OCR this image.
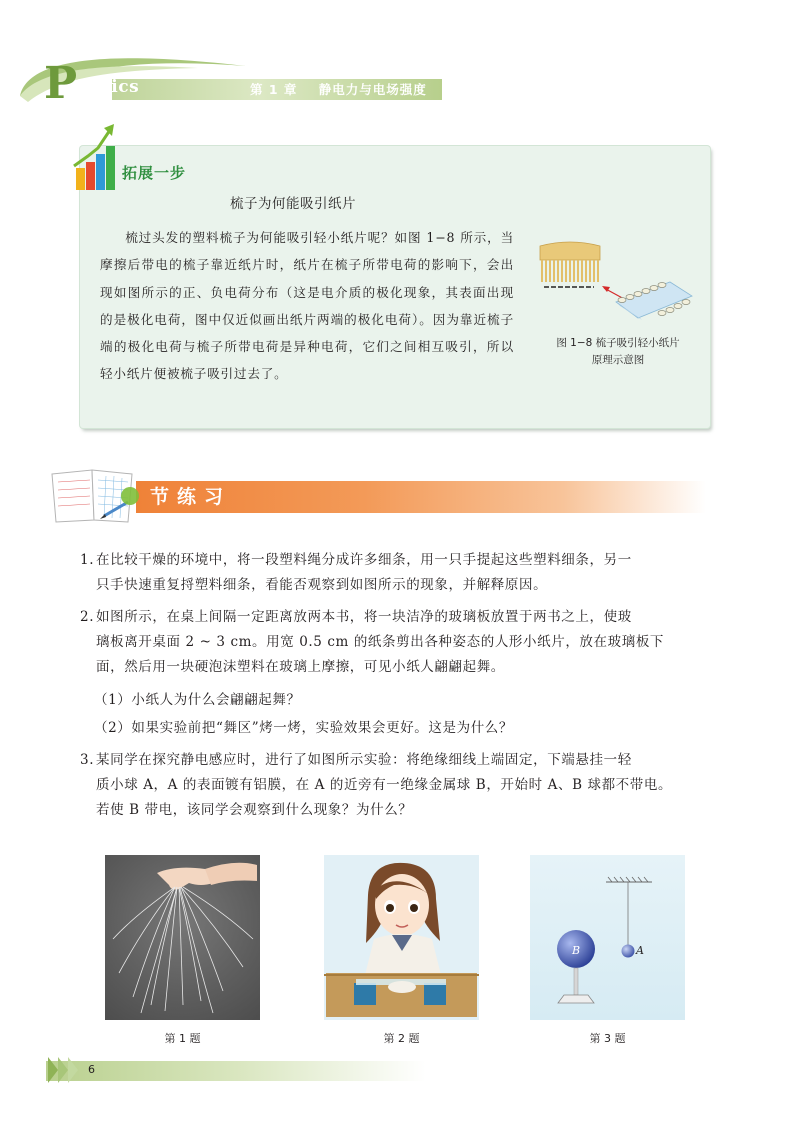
P hysics	第 1 章    静电力与电场强度
拓展一步
梳子为何能吸引纸片
梳过头发的塑料梳子为何能吸引轻小纸片呢？如图 1−8 所示，当摩擦后带电的梳子靠近纸片时，纸片在梳子所带电荷的影响下，会出现如图所示的正、负电荷分布（这是电介质的极化现象，其表面出现的是极化电荷，图中仅近似画出纸片两端的极化电荷）。因为靠近梳子端的极化电荷与梳子所带电荷是异种电荷，它们之间相互吸引，所以轻小纸片便被梳子吸引过去了。
图 1−8 梳子吸引轻小纸片
原理示意图
节练习
1. 在比较干燥的环境中，将一段塑料绳分成许多细条，用一只手提起这些塑料细条，另一
只手快速重复捋塑料细条，看能否观察到如图所示的现象，并解释原因。
2. 如图所示，在桌上间隔一定距离放两本书，将一块洁净的玻璃板放置于两书之上，使玻
璃板离开桌面 2 ~ 3 cm。用宽 0.5 cm 的纸条剪出各种姿态的人形小纸片，放在玻璃板下
面，然后用一块硬泡沫塑料在玻璃上摩擦，可见小纸人翩翩起舞。
（1）小纸人为什么会翩翩起舞？
（2）如果实验前把“舞区”烤一烤，实验效果会更好。这是为什么？
3. 某同学在探究静电感应时，进行了如图所示实验：将绝缘细线上端固定，下端悬挂一轻
质小球 A，A 的表面镀有铝膜，在 A 的近旁有一绝缘金属球 B，开始时 A、B 球都不带电。
若使 B 带电，该同学会观察到什么现象？为什么？
B	A
第 1 题	第 2 题	第 3 题
6
